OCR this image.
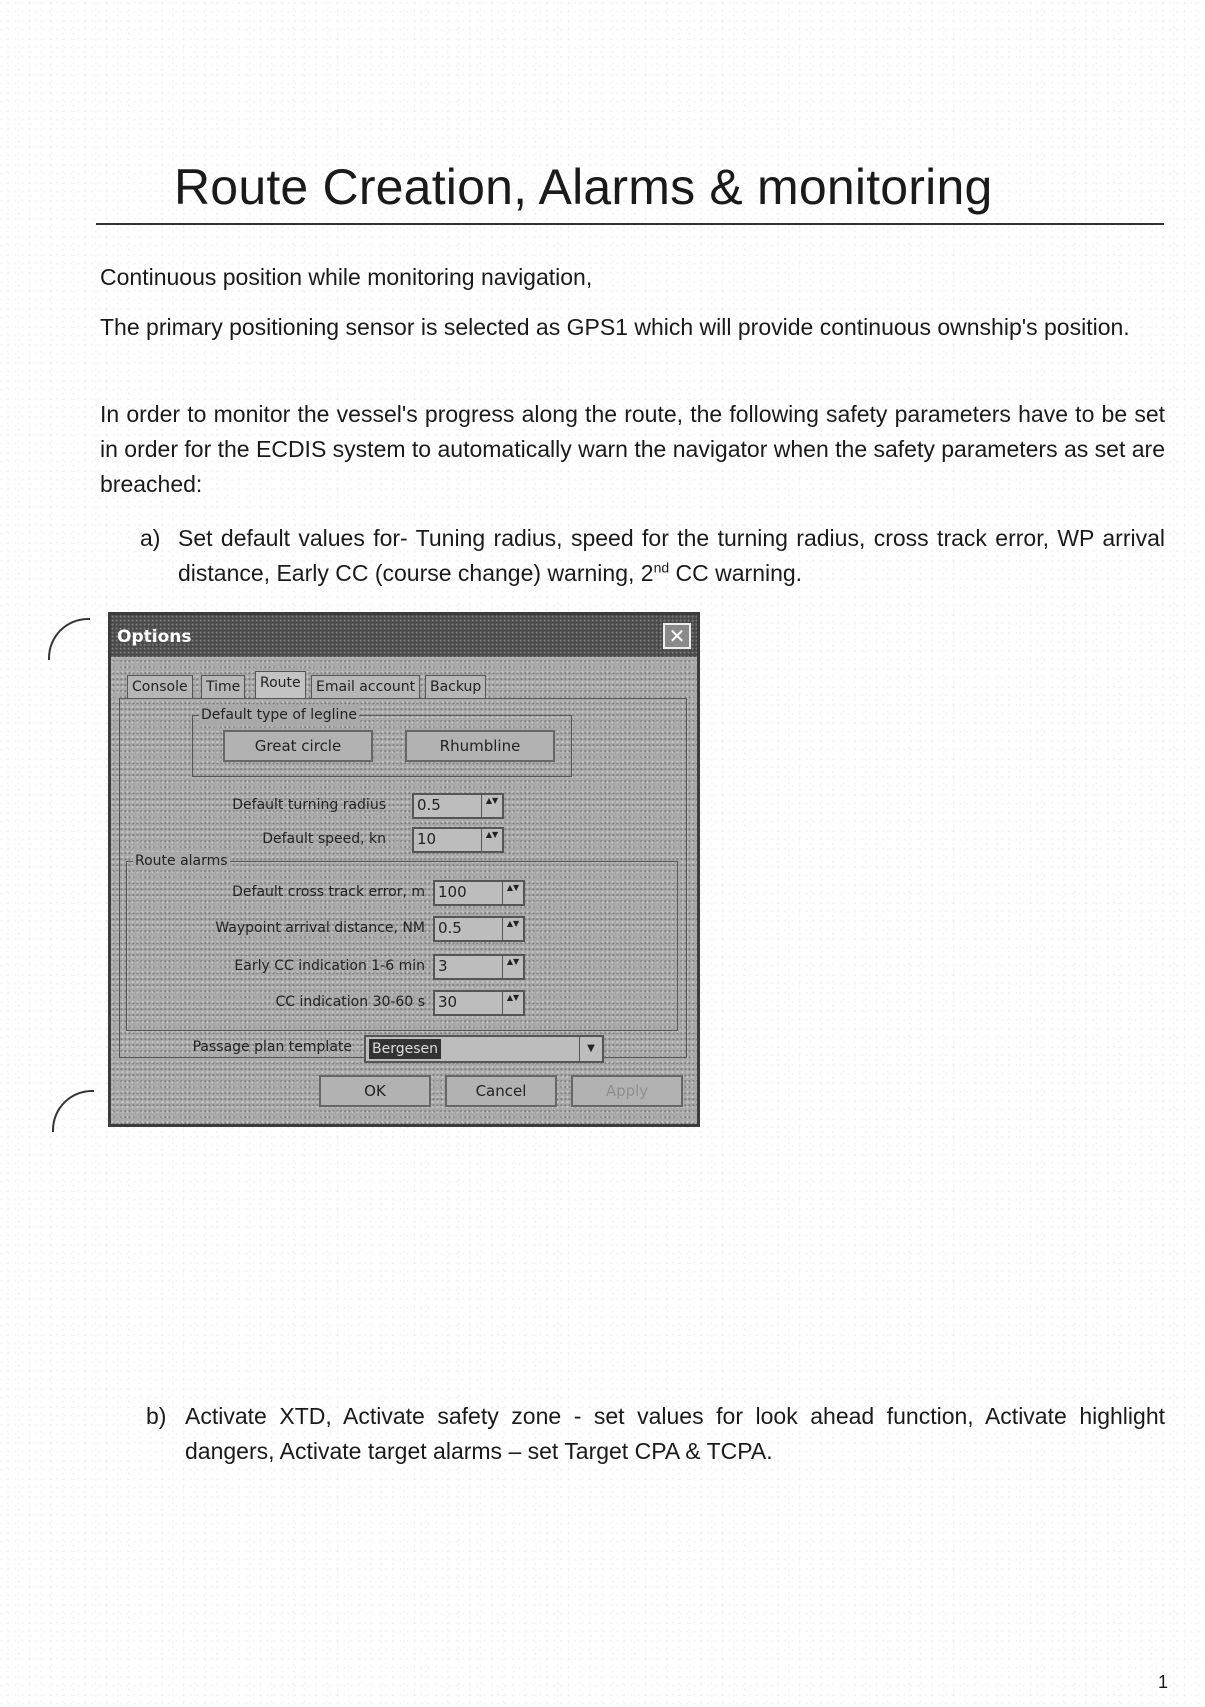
Route Creation, Alarms & monitoring
Continuous position while monitoring navigation,
The primary positioning sensor is selected as GPS1 which will provide continuous ownship's position.
In order to monitor the vessel's progress along the route, the following safety parameters have to be set in order for the ECDIS system to automatically warn the navigator when the safety parameters as set are breached:
a) Set default values for- Tuning radius, speed for the turning radius, cross track error, WP arrival distance, Early CC (course change) warning, 2nd CC warning.
Options	✕
Console	Time	Route	Email account	Backup
Default type of legline
Great circle	Rhumbline
Default turning radius 0.5	▲▼
Default speed, kn 10	▲▼
Route alarms
Default cross track error, m 100	▲▼
Waypoint arrival distance, NM 0.5	▲▼
Early CC indication 1-6 min 3	▲▼
CC indication 30-60 s 30	▲▼
Passage plan template Bergesen	▼
OK	Cancel	Apply
b) Activate XTD, Activate safety zone - set values for look ahead function, Activate highlight dangers, Activate target alarms – set Target CPA & TCPA.
1
